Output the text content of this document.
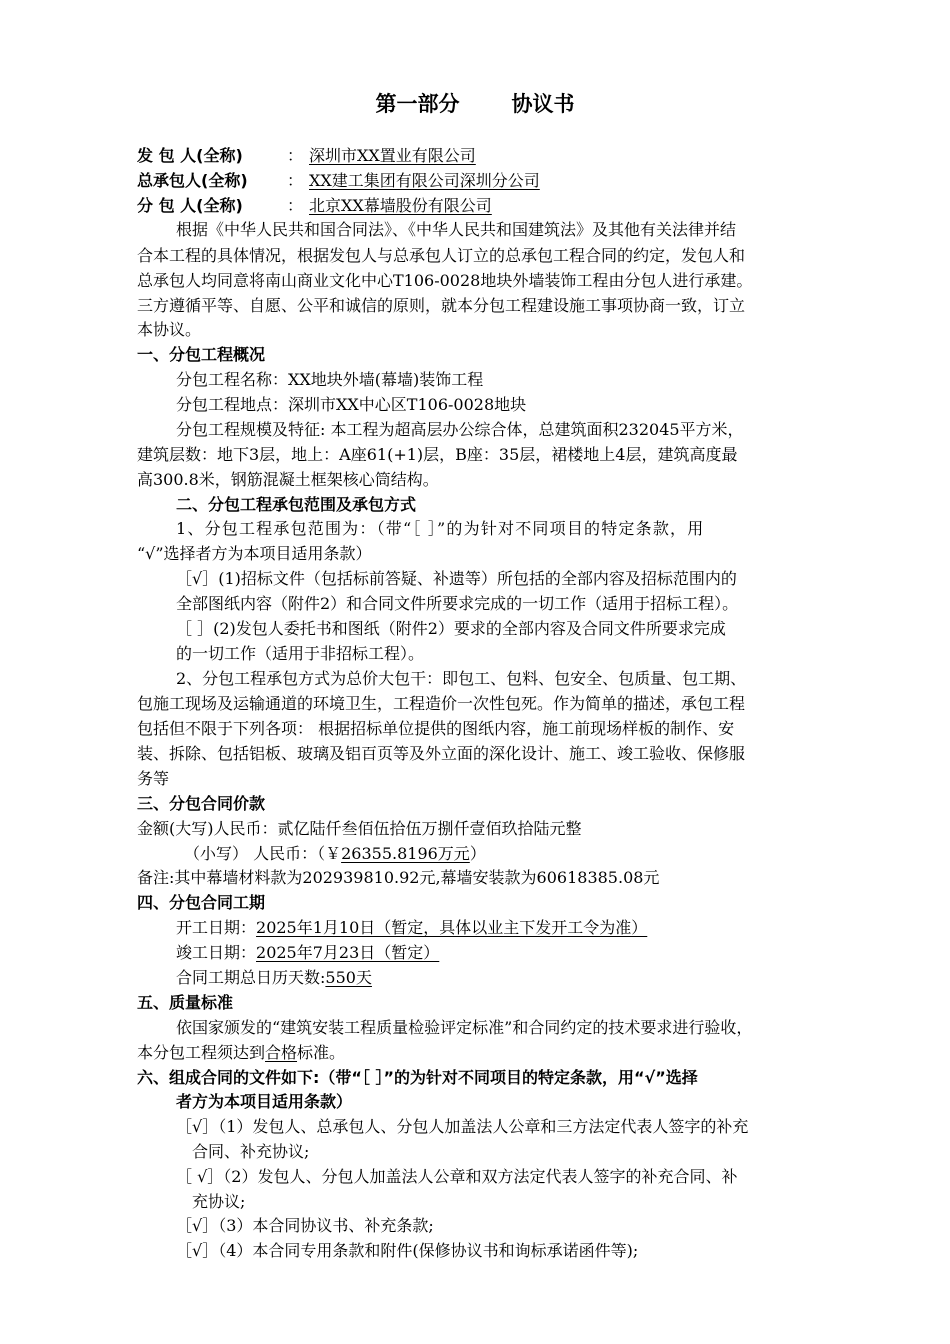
第一部分 协议书
发 包 人(全称)	： 深圳市XX置业有限公司
总承包人(全称) ： XX建工集团有限公司深圳分公司
分 包 人(全称)	： 北京XX幕墙股份有限公司
根据《中华人民共和国合同法》、《中华人民共和国建筑法》及其他有关法律并结
合本工程的具体情况，根据发包人与总承包人订立的总承包工程合同的约定，发包人和
总承包人均同意将南山商业文化中心T106-0028地块外墙装饰工程由分包人进行承建。
三方遵循平等、自愿、公平和诚信的原则，就本分包工程建设施工事项协商一致，订立
本协议。
一、分包工程概况
分包工程名称：XX地块外墙(幕墙)装饰工程
分包工程地点：深圳市XX中心区T106-0028地块
分包工程规模及特征: 本工程为超高层办公综合体，总建筑面积232045平方米，
建筑层数：地下3层，地上：A座61(+1)层，B座：35层，裙楼地上4层，建筑高度最
高300.8米，钢筋混凝土框架核心筒结构。
二、分包工程承包范围及承包方式
1、分包工程承包范围为：（带“［ ］”的为针对不同项目的特定条款，用
“√”选择者方为本项目适用条款）
［√］(1)招标文件（包括标前答疑、补遗等）所包括的全部内容及招标范围内的
全部图纸内容（附件2）和合同文件所要求完成的一切工作（适用于招标工程）。
［ ］(2)发包人委托书和图纸（附件2）要求的全部内容及合同文件所要求完成
的一切工作（适用于非招标工程）。
2、分包工程承包方式为总价大包干：即包工、包料、包安全、包质量、包工期、
包施工现场及运输通道的环境卫生，工程造价一次性包死。作为简单的描述，承包工程
包括但不限于下列各项： 根据招标单位提供的图纸内容，施工前现场样板的制作、安
装、拆除、包括铝板、玻璃及铝百页等及外立面的深化设计、施工、竣工验收、保修服
务等
三、分包合同价款
金额(大写)人民币：贰亿陆仟叁佰伍拾伍万捌仟壹佰玖拾陆元整
（小写） 人民币：（￥26355.8196万元）
备注:其中幕墙材料款为202939810.92元,幕墙安装款为60618385.08元
四、分包合同工期
开工日期：2025年1月10日（暂定，具体以业主下发开工令为准）
竣工日期：2025年7月23日（暂定）
合同工期总日历天数:550天
五、质量标准
依国家颁发的“建筑安装工程质量检验评定标准”和合同约定的技术要求进行验收，
本分包工程须达到合格标准。
六、组成合同的文件如下:（带“［ ］”的为针对不同项目的特定条款，用“√”选择
者方为本项目适用条款）
［√］（1）发包人、总承包人、分包人加盖法人公章和三方法定代表人签字的补充
合同、补充协议;
［ √］（2）发包人、分包人加盖法人公章和双方法定代表人签字的补充合同、补
充协议;
［√］（3）本合同协议书、补充条款;
［√］（4）本合同专用条款和附件(保修协议书和询标承诺函件等);
